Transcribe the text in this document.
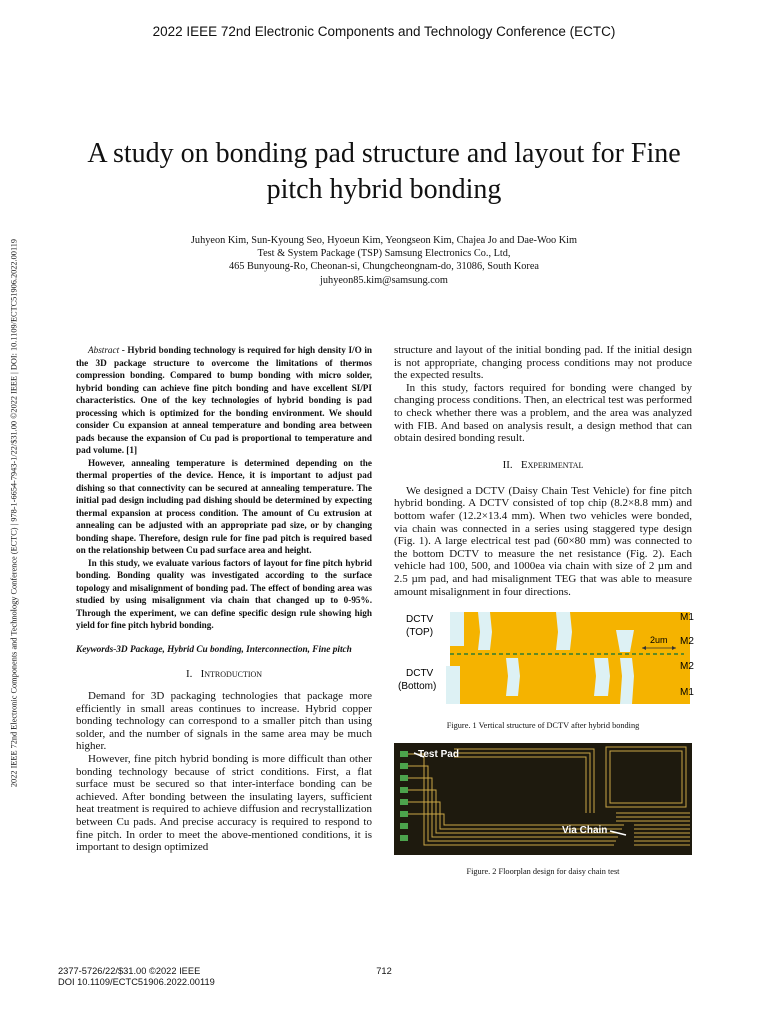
2022 IEEE 72nd Electronic Components and Technology Conference (ECTC)
2022 IEEE 72nd Electronic Components and Technology Conference (ECTC) | 978-1-6654-7943-1/22/$31.00 ©2022 IEEE | DOI: 10.1109/ECTC51906.2022.00119
A study on bonding pad structure and layout for Fine pitch hybrid bonding
Juhyeon Kim, Sun-Kyoung Seo, Hyoeun Kim, Yeongseon Kim, Chajea Jo and Dae-Woo Kim
Test & System Package (TSP) Samsung Electronics Co., Ltd,
465 Bunyoung-Ro, Cheonan-si, Chungcheongnam-do, 31086, South Korea
juhyeon85.kim@samsung.com

Abstract - Hybrid bonding technology is required for high density I/O in the 3D package structure to overcome the limitations of thermos compression bonding. Compared to bump bonding with micro solder, hybrid bonding can achieve fine pitch bonding and have excellent SI/PI characteristics. One of the key technologies of hybrid bonding is pad processing which is optimized for the bonding environment. We should consider Cu expansion at anneal temperature and bonding area between pads because the expansion of Cu pad is proportional to temperature and pad volume. [1]

However, annealing temperature is determined depending on the thermal properties of the device. Hence, it is important to adjust pad dishing so that connectivity can be secured at annealing temperature. The initial pad design including pad dishing should be determined by expecting thermal expansion at process condition. The amount of Cu extrusion at annealing can be adjusted with an appropriate pad size, or by changing bonding shape. Therefore, design rule for fine pad pitch is required based on the relationship between Cu pad surface area and height.

In this study, we evaluate various factors of layout for fine pitch hybrid bonding. Bonding quality was investigated according to the surface topology and misalignment of bonding pad. The effect of bonding area was studied by using misalignment via chain that changed up to 0-95%. Through the experiment, we can define specific design rule showing high yield for fine pitch hybrid bonding.

Keywords-3D Package, Hybrid Cu bonding, Interconnection, Fine pitch

I. Introduction

Demand for 3D packaging technologies that package more efficiently in small areas continues to increase. Hybrid copper bonding technology can correspond to a smaller pitch than using solder, and the number of signals in the same area may be much higher.

However, fine pitch hybrid bonding is more difficult than other bonding technology because of strict conditions. First, a flat surface must be secured so that inter-interface bonding can be achieved. After bonding between the insulating layers, sufficient heat treatment is required to achieve diffusion and recrystallization between Cu pads. And precise accuracy is required to respond to fine pitch. In order to meet the above-mentioned conditions, it is important to design optimized

structure and layout of the initial bonding pad. If the initial design is not appropriate, changing process conditions may not produce the expected results.

In this study, factors required for bonding were changed by changing process conditions. Then, an electrical test was performed to check whether there was a problem, and the area was analyzed with FIB. And based on analysis result, a design method that can obtain desired bonding result.

II. Experimental

We designed a DCTV (Daisy Chain Test Vehicle) for fine pitch hybrid bonding. A DCTV consisted of top chip (8.2×8.8 mm) and bottom wafer (12.2×13.4 mm). When two vehicles were bonded, via chain was connected in a series using staggered type design (Fig. 1). A large electrical test pad (60×80 mm) was connected to the bottom DCTV to measure the net resistance (Fig. 2). Each vehicle had 100, 500, and 1000ea via chain with size of 2 µm and 2.5 µm pad, and had misalignment TEG that was able to measure amount misalignment in four directions.

DCTV
(TOP)
DCTV
(Bottom)
M1
M2
M2
M1
2um
Figure. 1 Vertical structure of DCTV after hybrid bonding
Test Pad
Via Chain
Figure. 2 Floorplan design for daisy chain test
2377-5726/22/$31.00 ©2022 IEEE
DOI 10.1109/ECTC51906.2022.00119
712
